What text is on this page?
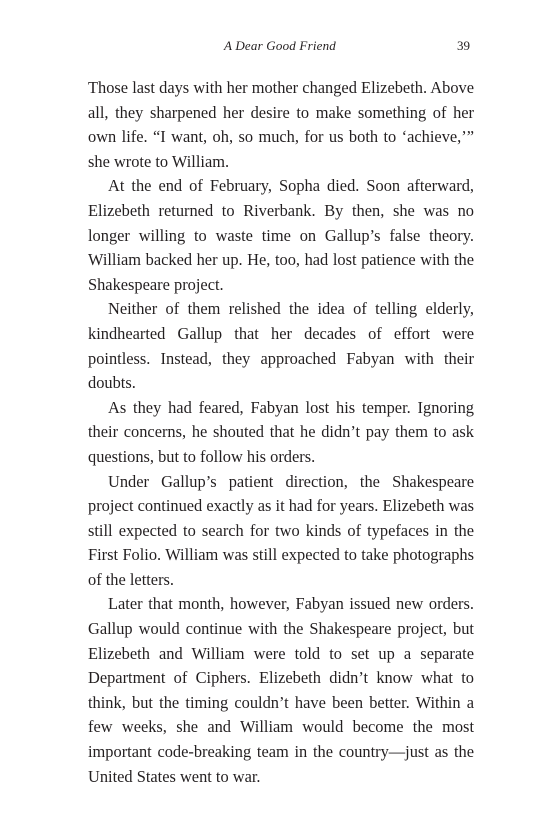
A Dear Good Friend	39

Those last days with her mother changed Elizebeth. Above all, they sharpened her desire to make something of her own life. “I want, oh, so much, for us both to ‘achieve,’” she wrote to William.

At the end of February, Sopha died. Soon afterward, Elizebeth returned to Riverbank. By then, she was no longer willing to waste time on Gallup’s false theory. William backed her up. He, too, had lost patience with the Shakespeare project.

Neither of them relished the idea of telling elderly, kindhearted Gallup that her decades of effort were pointless. Instead, they approached Fabyan with their doubts.

As they had feared, Fabyan lost his temper. Ignoring their concerns, he shouted that he didn’t pay them to ask questions, but to follow his orders.

Under Gallup’s patient direction, the Shakespeare project continued exactly as it had for years. Elizebeth was still expected to search for two kinds of typefaces in the First Folio. William was still expected to take photographs of the letters.

Later that month, however, Fabyan issued new orders. Gallup would continue with the Shakespeare project, but Elizebeth and William were told to set up a separate Department of Ciphers. Elizebeth didn’t know what to think, but the timing couldn’t have been better. Within a few weeks, she and William would become the most important code-breaking team in the country—just as the United States went to war.
